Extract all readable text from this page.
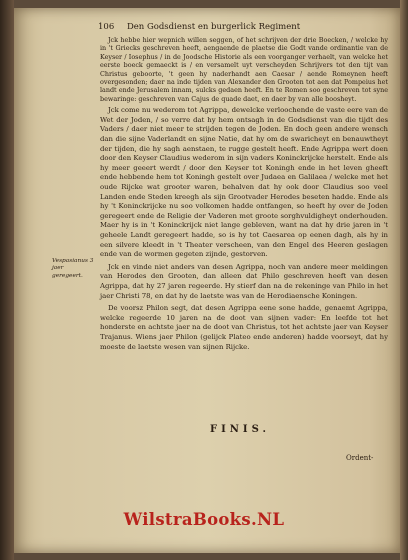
106 Den Godsdienst en burgerlick Regiment

Jck hebbe hier wepnich willen seggen, of het schrijven der drie Boecken, / welcke hy in 't Griecks geschreven heeft, aengaende de plaetse die Godt vande ordinantie van de Keyser / Iosephus / in de Joodsche Historie als een voorganger verhaelt, van welcke het eerste boeck gemaeckt is / en versamelt uyt verscheyden Schrijvers tot den tijt van Christus geboorte, 't geen hy naderhandt aen Caesar / aende Romeynen heeft overgesonden; daer na inde tijden van Alexander den Grooten tot aen dat Pompeius het landt ende Jerusalem innam, sulcks gedaen heeft. En te Romen soo geschreven tot syne bewaringe: geschreven van Cajus de quade daet, en daer by van alle boosheyt.

Jck come nu wederom tot Agrippa, dewelcke verloochende de vaste eere van de Wet der Joden, / so verre dat hy hem ontsagh in de Godsdienst van die tijdt des Vaders / daer niet meer te strijden tegen de Joden. En doch geen andere wensch dan die sijne Vaderlandt en sijne Natie, dat hy om de swaricheyt en benauwtheyt der tijden, die hy sagh aenstaen, te rugge gestelt heeft. Ende Agrippa wert doen door den Keyser Claudius wederom in sijn vaders Koninckrijcke herstelt. Ende als hy meer geeert werdt / door den Keyser tot Koningh ende in het leven gheeft ende hebbende hem tot Koningh gestelt over Judaea en Galilaea / welcke met het oude Rijcke wat grooter waren, behalven dat hy ook door Claudius soo veel Landen ende Steden kreegh als sijn Grootvader Herodes beseten hadde. Ende als hy 't Koninckrijcke nu soo volkomen hadde ontfangen, so heeft hy over de Joden geregeert ende de Religie der Vaderen met groote sorghvuldigheyt onderhouden. Maer hy is in 't Koninckrijck niet lange gebleven, want na dat hy drie jaren in 't geheele Landt geregeert hadde, so is hy tot Caesarea op eenen dagh, als hy in een silvere kleedt in 't Theater verscheen, van den Engel des Heeren geslagen ende van de wormen gegeten zijnde, gestorven.

Jck en vinde niet anders van desen Agrippa, noch van andere meer meldingen van Herodes den Grooten, dan alleen dat Philo geschreven heeft van desen Agrippa, dat hy 27 jaren regeerde. Hy stierf dan na de rekeninge van Philo in het jaer Christi 78, en dat hy de laetste was van de Herodiaensche Koningen.

De voorsz Philon segt, dat desen Agrippa eene sone hadde, genaemt Agrippa, welcke regeerde 10 jaren na de doot van sijnen vader: En leefde tot het honderste en achtste jaer na de doot van Christus, tot het achtste jaer van Keyser Trajanus. Wiens jaer Philon (gelijck Plateo ende anderen) hadde voorseyt, dat hy moeste de laetste wesen van sijnen Rijcke.

Vespasianus 3 jaer geregeert.
FINIS.
Ordent-
WilstraBooks.NL
